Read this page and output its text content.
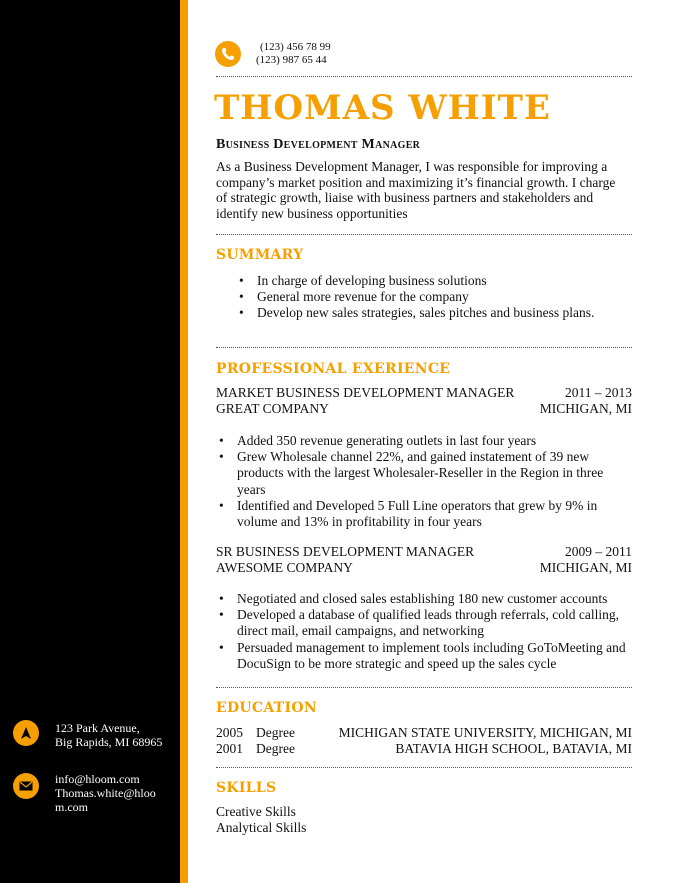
123 Park Avenue,
Big Rapids, MI 68965
info@hloom.com
Thomas.white@hloo
m.com
(123) 456 78 99
(123) 987 65 44
THOMAS WHITE
Business Development Manager
As a Business Development Manager, I was responsible for improving a company’s market position and maximizing it’s financial growth. I charge of strategic growth, liaise with business partners and stakeholders and identify new business opportunities
SUMMARY
• In charge of developing business solutions
• General more revenue for the company
• Develop new sales strategies, sales pitches and business plans.
PROFESSIONAL EXERIENCE
MARKET BUSINESS DEVELOPMENT MANAGER	2011 – 2013
GREAT COMPANY	MICHIGAN, MI
• Added 350 revenue generating outlets in last four years
• Grew Wholesale channel 22%, and gained instatement of 39 new products with the largest Wholesaler-Reseller in the Region in three years
• Identified and Developed 5 Full Line operators that grew by 9% in volume and 13% in profitability in four years
SR BUSINESS DEVELOPMENT MANAGER	2009 – 2011
AWESOME COMPANY	MICHIGAN, MI
• Negotiated and closed sales establishing 180 new customer accounts
• Developed a database of qualified leads through referrals, cold calling, direct mail, email campaigns, and networking
• Persuaded management to implement tools including GoToMeeting and DocuSign to be more strategic and speed up the sales cycle
EDUCATION
2005 Degree	MICHIGAN STATE UNIVERSITY, MICHIGAN, MI
2001 Degree	BATAVIA HIGH SCHOOL, BATAVIA, MI
SKILLS
Creative Skills
Analytical Skills
